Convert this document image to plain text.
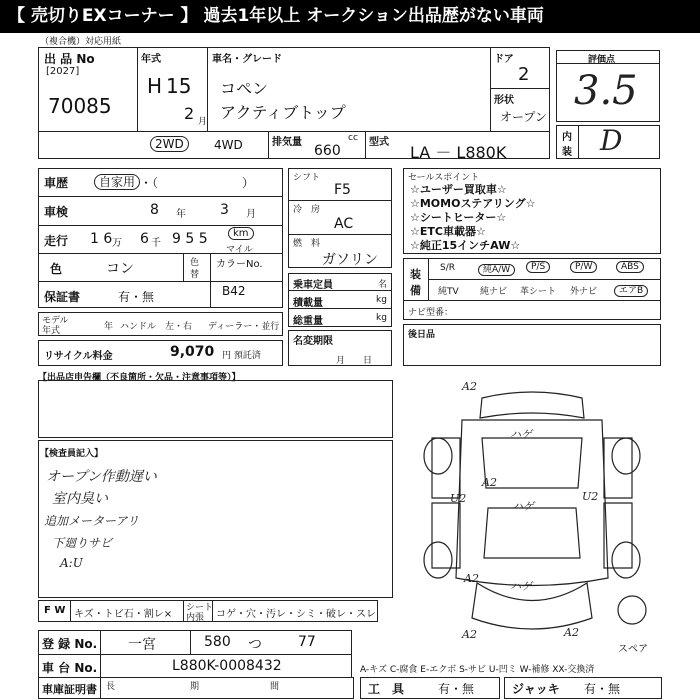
【 売切りEXコーナー 】 過去1年以上 オークション出品歴がない車両
（複合機）対応用紙
出 品 No
[2027]
70085
年式
H 15
2 月
車名・グレード
コペン
アクティブトップ
ドア
2
形状
オープン
2WD	4WD	排気量	cc
660
型式
LA － L880K
評価点
3.5
内
装 D
車歴	自家用 ・（　　　　　　　）
車検	8 年 3 月
走行 1 6 万 6 千 9 5 5	km
マイル
色	コン	色
替
カラーNo.
B42
保証書	有・無
モデル
年式	年 ハンドル　左・右 ディーラー・並行
リサイクル料金	9,070 円 預託済
シフト
F5
冷　房
AC
燃　料
ガソリン
乗車定員	名
積載量	kg
総重量	kg
名変期限
月　　日
セールスポイント
☆ユーザー買取車☆
☆MOMOステアリング☆
☆シートヒーター☆
☆ETC車載器☆
☆純正15インチAW☆
装
備
S/R	純A/W	P/S	P/W	ABS
純TV 純ナビ 革シート 外ナビ	エアB
ナビ型番：
後日品
【出品店申告欄（不良箇所・欠品・注意事項等）】
【検査員記入】
オープン作動遅い
室内臭い
追加メーターアリ
下廻りサビ
A:U
A2
ハゲ
A2
ハゲ
U2	U2
A2
ハゲ
A2	A2
スペア
F W キズ・トビ石・割レ×
シート
内張 コゲ・穴・汚レ・シミ・破レ・スレ
登 録 No. 一宮	580 つ	77
車 台 No.	L880K-0008432	A-キズ C-腐食 E-エクボ S-サビ U-凹ミ W-補修 XX-交換済
車庫証明書 長	期	間	工　具	有・無	ジャッキ 有・無
